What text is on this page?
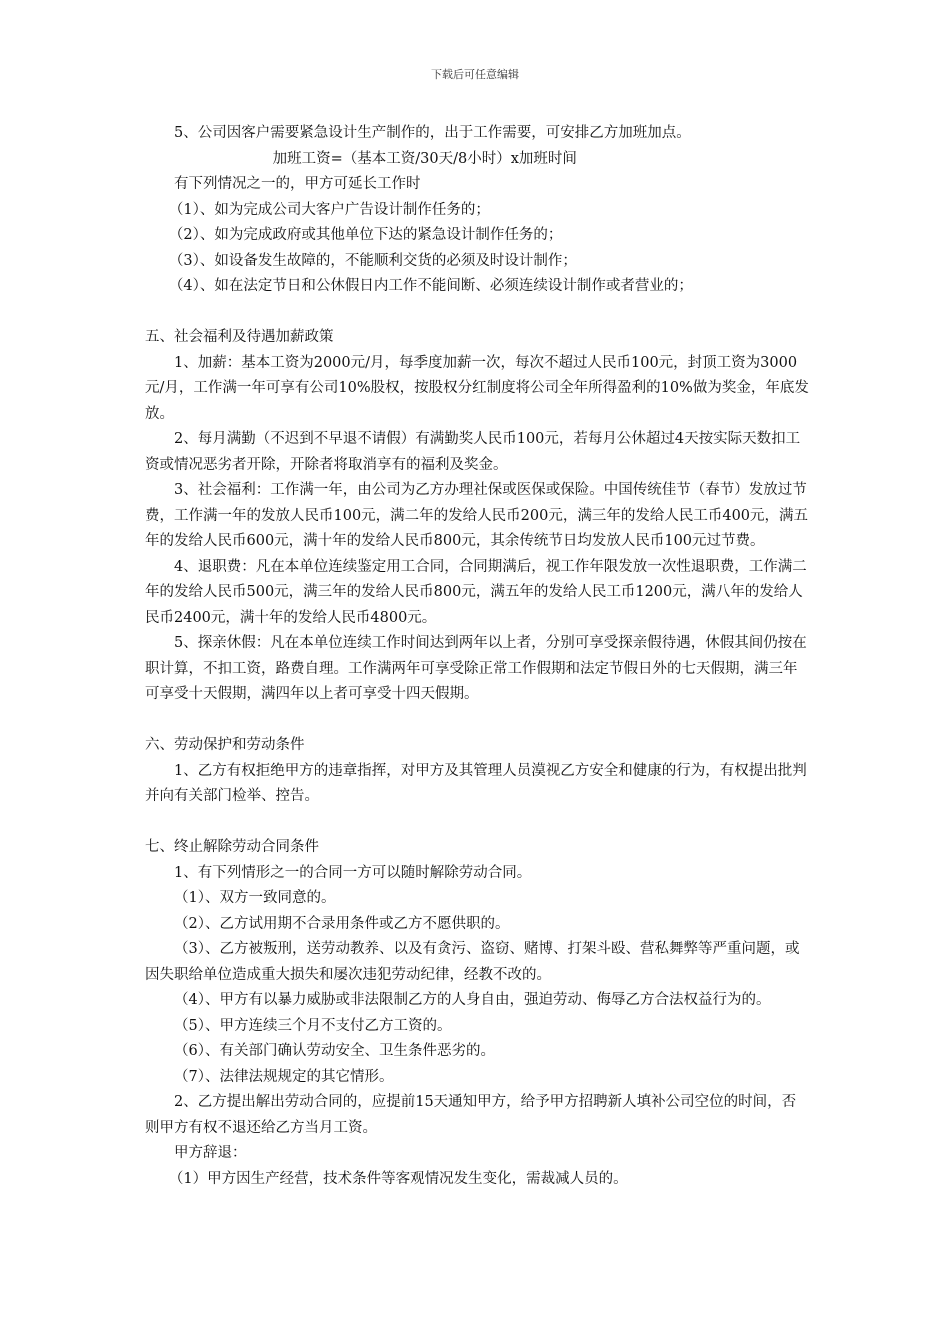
下载后可任意编辑

5、公司因客户需要紧急设计生产制作的，出于工作需要，可安排乙方加班加点。

加班工资=（基本工资/30天/8小时）x加班时间

有下列情况之一的，甲方可延长工作时

（1）、如为完成公司大客户广告设计制作任务的；

（2）、如为完成政府或其他单位下达的紧急设计制作任务的；

（3）、如设备发生故障的，不能顺利交货的必须及时设计制作；

（4）、如在法定节日和公休假日内工作不能间断、必须连续设计制作或者营业的；

五、社会福利及待遇加薪政策

1、加薪：基本工资为2000元/月，每季度加薪一次，每次不超过人民币100元，封顶工资为3000元/月，工作满一年可享有公司10%股权，按股权分红制度将公司全年所得盈利的10%做为奖金，年底发放。

2、每月满勤（不迟到不早退不请假）有满勤奖人民币100元，若每月公休超过4天按实际天数扣工资或情况恶劣者开除，开除者将取消享有的福利及奖金。

3、社会福利：工作满一年，由公司为乙方办理社保或医保或保险。中国传统佳节（春节）发放过节费，工作满一年的发放人民币100元，满二年的发给人民币200元，满三年的发给人民工币400元，满五年的发给人民币600元，满十年的发给人民币800元，其余传统节日均发放人民币100元过节费。

4、退职费：凡在本单位连续鉴定用工合同，合同期满后，视工作年限发放一次性退职费，工作满二年的发给人民币500元，满三年的发给人民币800元，满五年的发给人民工币1200元，满八年的发给人民币2400元，满十年的发给人民币4800元。

5、探亲休假：凡在本单位连续工作时间达到两年以上者，分别可享受探亲假待遇，休假其间仍按在职计算，不扣工资，路费自理。工作满两年可享受除正常工作假期和法定节假日外的七天假期，满三年可享受十天假期，满四年以上者可享受十四天假期。

六、劳动保护和劳动条件

1、乙方有权拒绝甲方的违章指挥，对甲方及其管理人员漠视乙方安全和健康的行为，有权提出批判并向有关部门检举、控告。

七、终止解除劳动合同条件

1、有下列情形之一的合同一方可以随时解除劳动合同。

（1）、双方一致同意的。

（2）、乙方试用期不合录用条件或乙方不愿供职的。

（3）、乙方被叛刑，送劳动教养、以及有贪污、盗窃、赌博、打架斗殴、营私舞弊等严重问题，或因失职给单位造成重大损失和屡次违犯劳动纪律，经教不改的。

（4）、甲方有以暴力威胁或非法限制乙方的人身自由，强迫劳动、侮辱乙方合法权益行为的。

（5）、甲方连续三个月不支付乙方工资的。

（6）、有关部门确认劳动安全、卫生条件恶劣的。

（7）、法律法规规定的其它情形。

2、乙方提出解出劳动合同的，应提前15天通知甲方，给予甲方招聘新人填补公司空位的时间，否则甲方有权不退还给乙方当月工资。

甲方辞退：

（1）甲方因生产经营，技术条件等客观情况发生变化，需裁减人员的。
